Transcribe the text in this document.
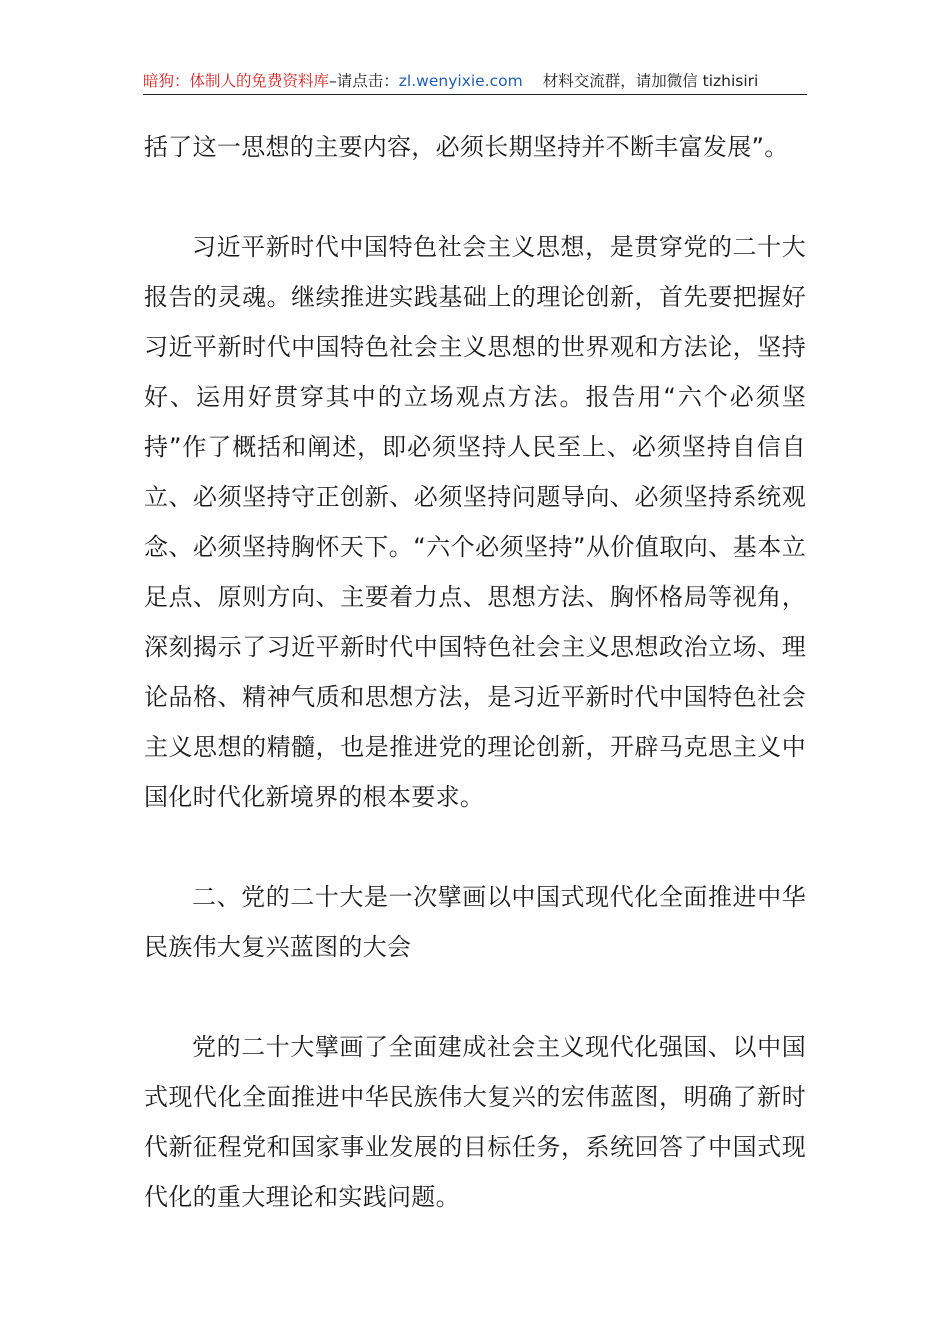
暗狗：体制人的免费资料库–请点击：zl.wenyixie.com 材料交流群，请加微信 tizhisiri

括了这一思想的主要内容，必须长期坚持并不断丰富发展”。

习近平新时代中国特色社会主义思想，是贯穿党的二十大报告的灵魂。继续推进实践基础上的理论创新，首先要把握好习近平新时代中国特色社会主义思想的世界观和方法论，坚持好、运用好贯穿其中的立场观点方法。报告用“六个必须坚持”作了概括和阐述，即必须坚持人民至上、必须坚持自信自立、必须坚持守正创新、必须坚持问题导向、必须坚持系统观念、必须坚持胸怀天下。“六个必须坚持”从价值取向、基本立足点、原则方向、主要着力点、思想方法、胸怀格局等视角，深刻揭示了习近平新时代中国特色社会主义思想政治立场、理论品格、精神气质和思想方法，是习近平新时代中国特色社会主义思想的精髓，也是推进党的理论创新，开辟马克思主义中国化时代化新境界的根本要求。

二、党的二十大是一次擘画以中国式现代化全面推进中华民族伟大复兴蓝图的大会

党的二十大擘画了全面建成社会主义现代化强国、以中国式现代化全面推进中华民族伟大复兴的宏伟蓝图，明确了新时代新征程党和国家事业发展的目标任务，系统回答了中国式现代化的重大理论和实践问题。
